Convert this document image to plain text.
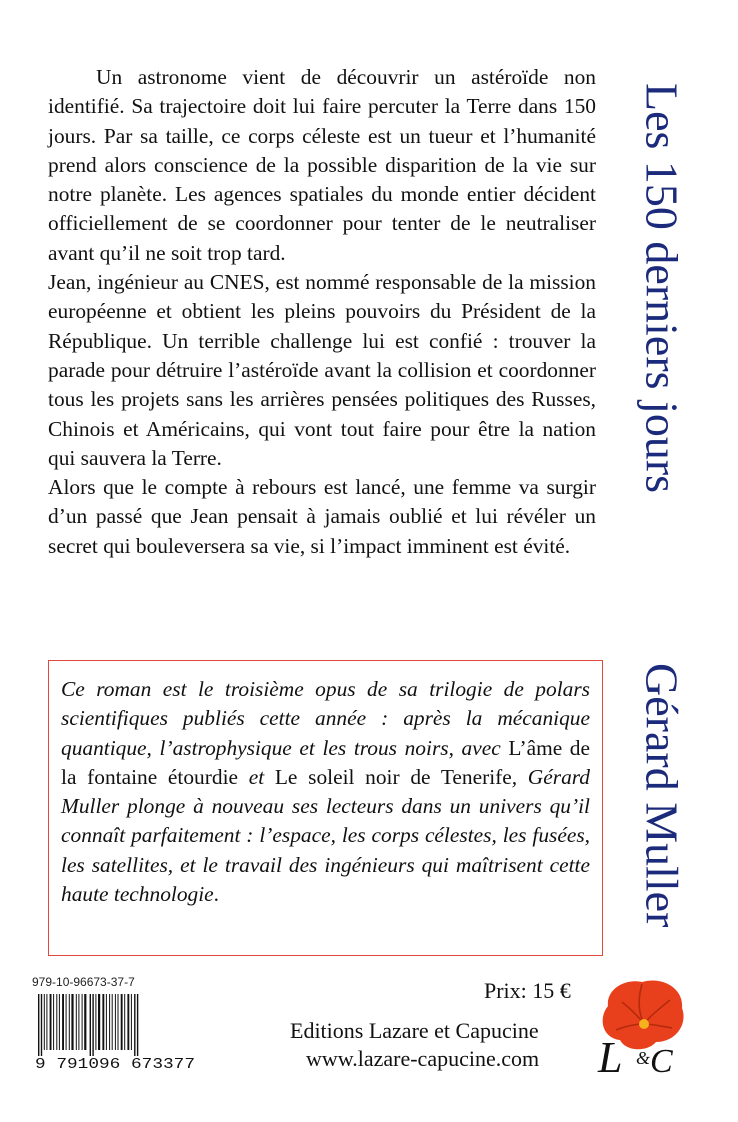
Un astronome vient de découvrir un astéroïde non identifié. Sa trajectoire doit lui faire percuter la Terre dans 150 jours. Par sa taille, ce corps céleste est un tueur et l’humanité prend alors conscience de la possible disparition de la vie sur notre planète. Les agences spatiales du monde entier décident officiellement de se coordonner pour tenter de le neutraliser avant qu’il ne soit trop tard.

Jean, ingénieur au CNES, est nommé responsable de la mission européenne et obtient les pleins pouvoirs du Président de la République. Un terrible challenge lui est confié : trouver la parade pour détruire l’astéroïde avant la collision et coordonner tous les projets sans les arrières pensées politiques des Russes, Chinois et Américains, qui vont tout faire pour être la nation qui sauvera la Terre.

Alors que le compte à rebours est lancé, une femme va surgir d’un passé que Jean pensait à jamais oublié et lui révéler un secret qui bouleversera sa vie, si l’impact imminent est évité.

Ce roman est le troisième opus de sa trilogie de polars scientifiques publiés cette année : après la mécanique quantique, l’astrophysique et les trous noirs, avec L’âme de la fontaine étourdie et Le soleil noir de Tenerife, Gérard Muller plonge à nouveau ses lecteurs dans un univers qu’il connaît parfaitement : l’espace, les corps célestes, les fusées, les satellites, et le travail des ingénieurs qui maîtrisent cette haute technologie.
Les 150 derniers jours
Gérard Muller
979-10-96673-37-7
9 791096 673377
Prix: 15 €
Editions Lazare et Capucine
www.lazare-capucine.com L & C
